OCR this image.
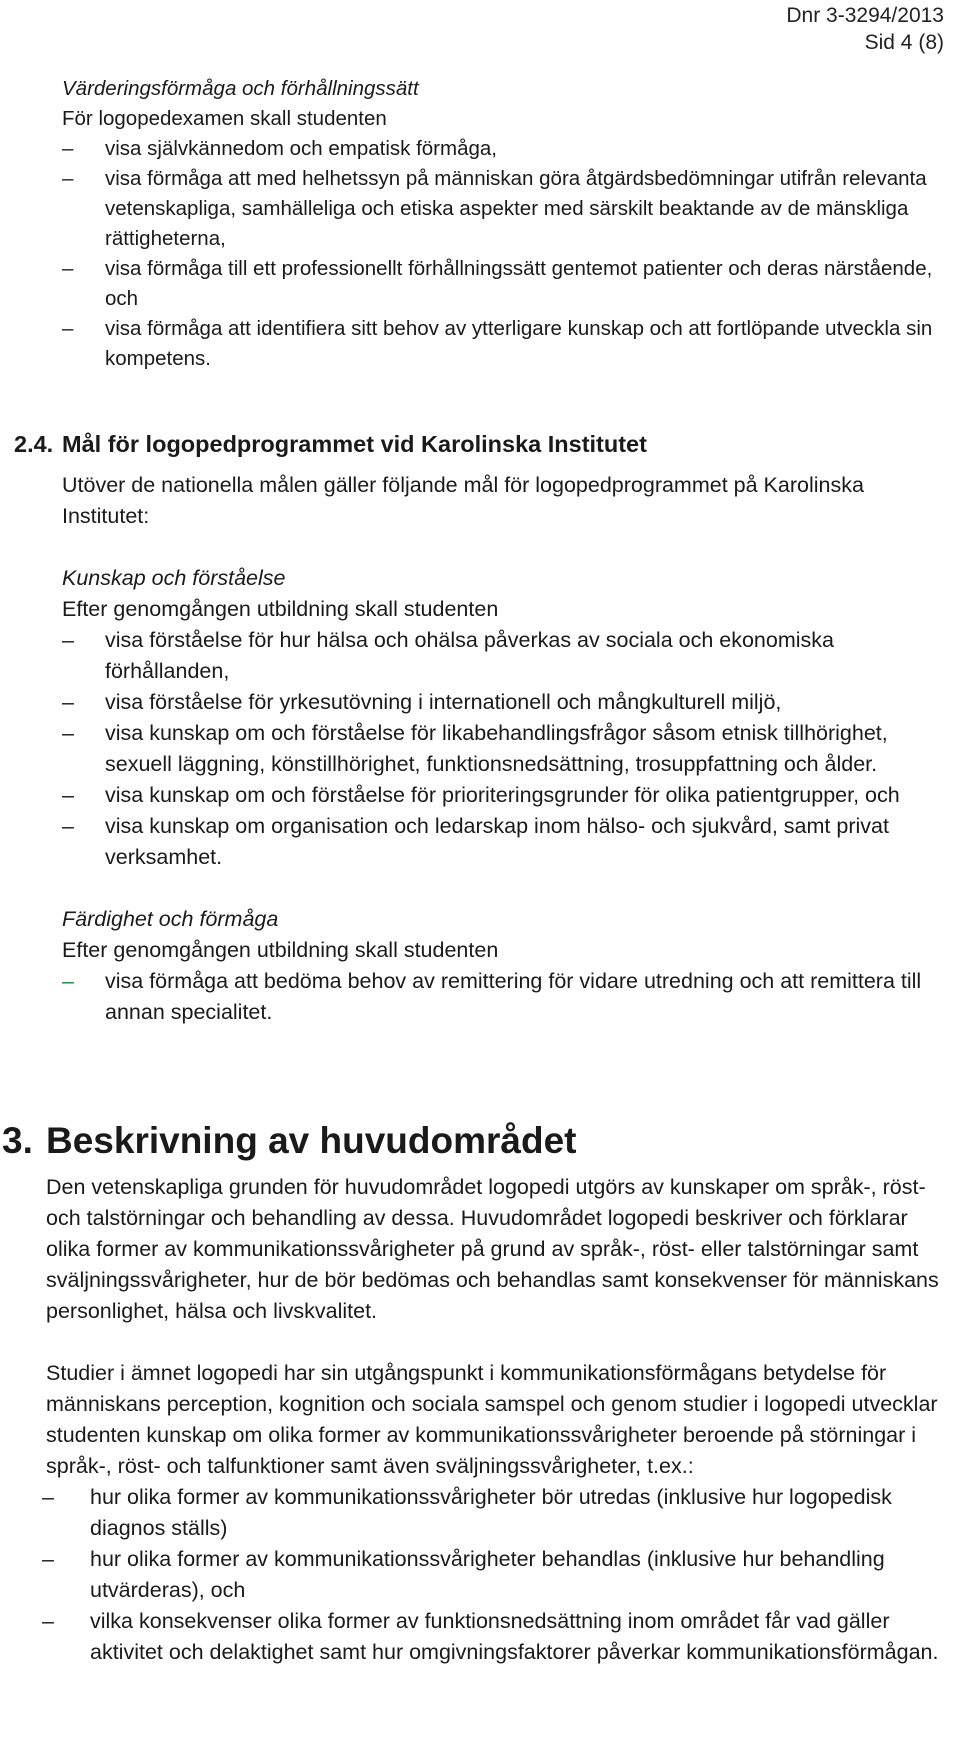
Dnr 3-3294/2013
Sid 4 (8)

Värderingsförmåga och förhållningssätt

För logopedexamen skall studenten

– visa självkännedom och empatisk förmåga,
– visa förmåga att med helhetssyn på människan göra åtgärdsbedömningar utifrån relevanta vetenskapliga, samhälleliga och etiska aspekter med särskilt beaktande av de mänskliga rättigheterna,
– visa förmåga till ett professionellt förhållningssätt gentemot patienter och deras närstående, och
– visa förmåga att identifiera sitt behov av ytterligare kunskap och att fortlöpande utveckla sin kompetens.
2.4. Mål för logopedprogrammet vid Karolinska Institutet

Utöver de nationella målen gäller följande mål för logopedprogrammet på Karolinska Institutet:

Kunskap och förståelse

Efter genomgången utbildning skall studenten

– visa förståelse för hur hälsa och ohälsa påverkas av sociala och ekonomiska förhållanden,
– visa förståelse för yrkesutövning i internationell och mångkulturell miljö,
– visa kunskap om och förståelse för likabehandlingsfrågor såsom etnisk tillhörighet, sexuell läggning, könstillhörighet, funktionsnedsättning, trosuppfattning och ålder.
– visa kunskap om och förståelse för prioriteringsgrunder för olika patientgrupper, och
– visa kunskap om organisation och ledarskap inom hälso- och sjukvård, samt privat verksamhet.

Färdighet och förmåga

Efter genomgången utbildning skall studenten

– visa förmåga att bedöma behov av remittering för vidare utredning och att remittera till annan specialitet.
3. Beskrivning av huvudområdet

Den vetenskapliga grunden för huvudområdet logopedi utgörs av kunskaper om språk-, röst- och talstörningar och behandling av dessa. Huvudområdet logopedi beskriver och förklarar olika former av kommunikationssvårigheter på grund av språk-, röst- eller talstörningar samt sväljningssvårigheter, hur de bör bedömas och behandlas samt konsekvenser för människans personlighet, hälsa och livskvalitet.

Studier i ämnet logopedi har sin utgångspunkt i kommunikationsförmågans betydelse för människans perception, kognition och sociala samspel och genom studier i logopedi utvecklar studenten kunskap om olika former av kommunikationssvårigheter beroende på störningar i språk-, röst- och talfunktioner samt även sväljningssvårigheter, t.ex.:

– hur olika former av kommunikationssvårigheter bör utredas (inklusive hur logopedisk diagnos ställs)
– hur olika former av kommunikationssvårigheter behandlas (inklusive hur behandling utvärderas), och
– vilka konsekvenser olika former av funktionsnedsättning inom området får vad gäller aktivitet och delaktighet samt hur omgivningsfaktorer påverkar kommunikationsförmågan.
